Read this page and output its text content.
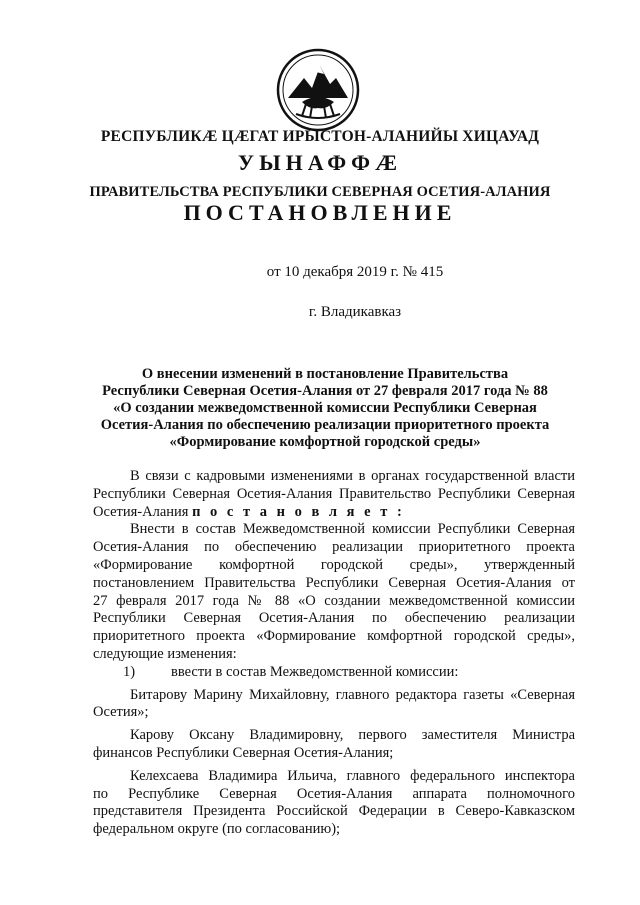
РЕСПУБЛИКӔ ЦӔГАТ ИРЫСТОН-АЛАНИЙЫ ХИЦАУАД
УЫНАФФӔ
ПРАВИТЕЛЬСТВА РЕСПУБЛИКИ СЕВЕРНАЯ ОСЕТИЯ-АЛАНИЯ
ПОСТАНОВЛЕНИЕ
от 10 декабря 2019 г. № 415
г. Владикавказ
О внесении изменений в постановление Правительства
Республики Северная Осетия-Алания от 27 февраля 2017 года № 88
«О создании межведомственной комиссии Республики Северная
Осетия-Алания по обеспечению реализации приоритетного проекта
«Формирование комфортной городской среды»
В связи с кадровыми изменениями в органах государственной власти
Республики Северная Осетия-Алания Правительство Республики Северная
Осетия-Алания п о с т а н о в л я е т :
Внести в состав Межведомственной комиссии Республики Северная
Осетия-Алания по обеспечению реализации приоритетного проекта
«Формирование комфортной городской среды», утвержденный
постановлением Правительства Республики Северная Осетия-Алания от
27 февраля 2017 года № 88 «О создании межведомственной комиссии
Республики Северная Осетия-Алания по обеспечению реализации
приоритетного проекта «Формирование комфортной городской среды»,
следующие изменения:
1) ввести в состав Межведомственной комиссии:
Битарову Марину Михайловну, главного редактора газеты «Северная
Осетия»;
Карову Оксану Владимировну, первого заместителя Министра
финансов Республики Северная Осетия-Алания;
Келехсаева Владимира Ильича, главного федерального инспектора
по Республике Северная Осетия-Алания аппарата полномочного
представителя Президента Российской Федерации в Северо-Кавказском
федеральном округе (по согласованию);
